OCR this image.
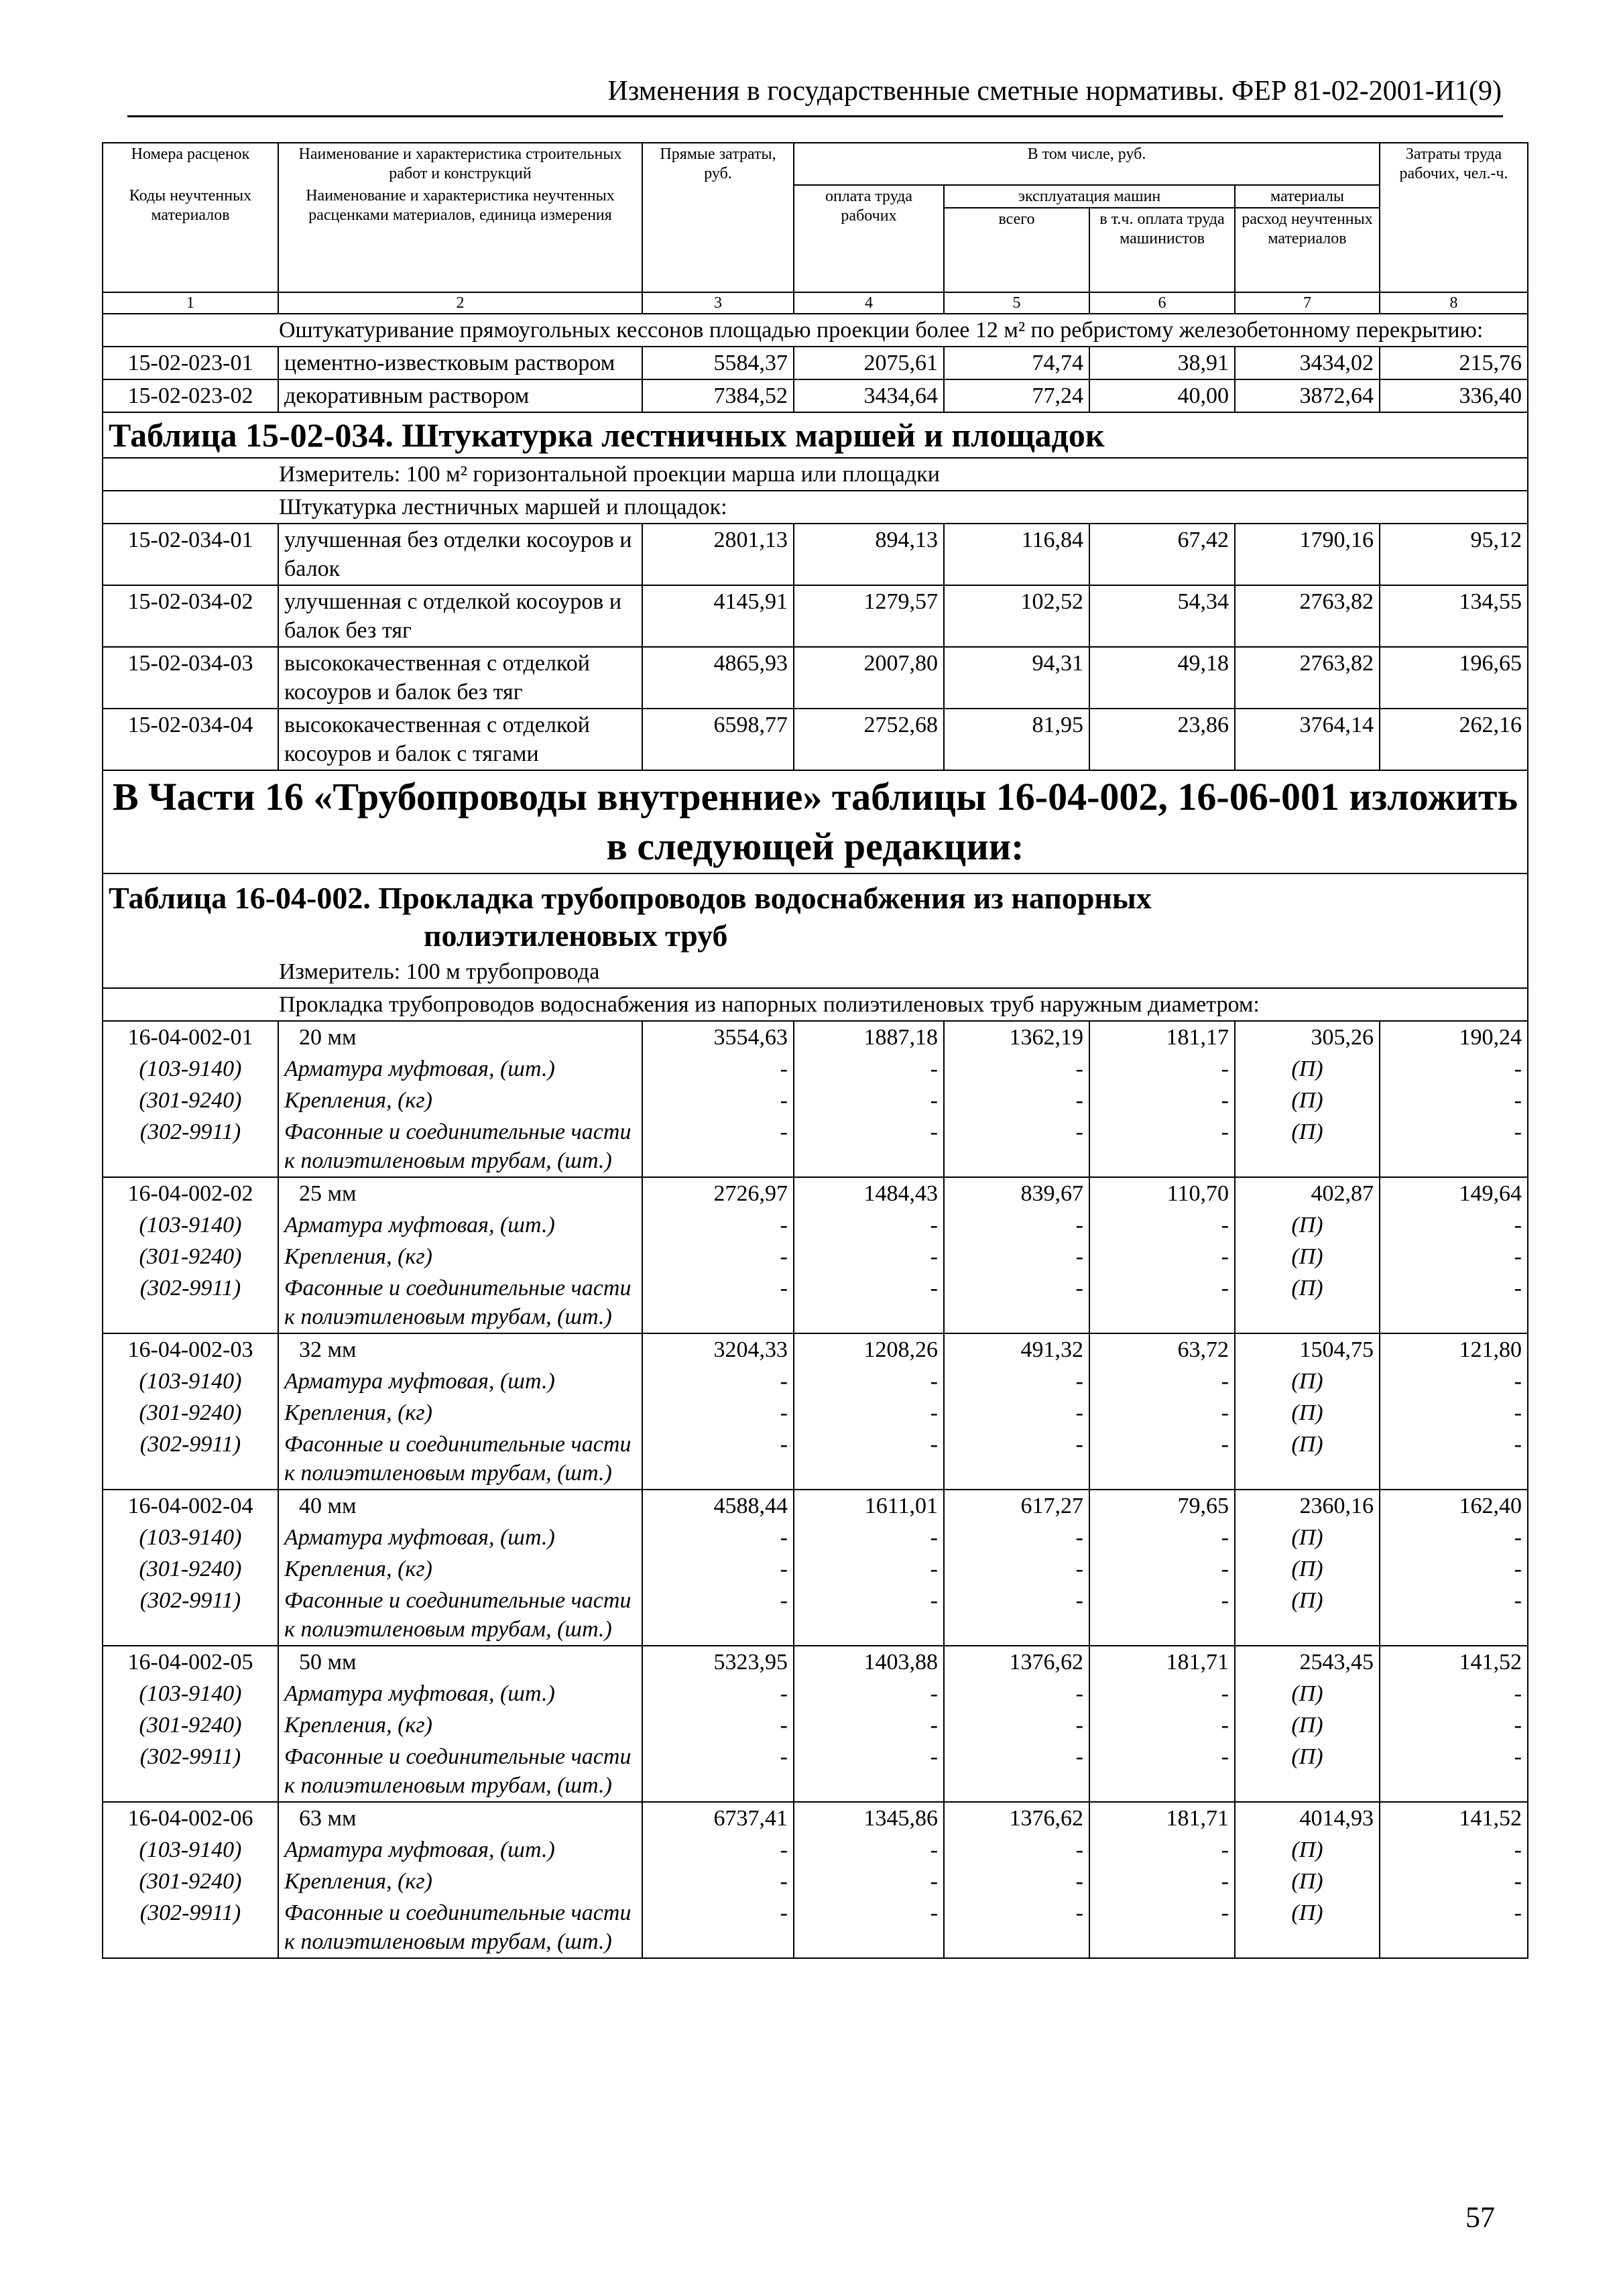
Изменения в государственные сметные нормативы. ФЕР 81-02-2001-И1(9)
Номера расценок	Наименование и характеристика строительных работ и конструкций	Прямые затраты, руб.	В том числе, руб.				Затраты труда рабочих, чел.-ч.
Коды неучтенных материалов	Наименование и характеристика неучтенных расценками материалов, единица измерения		оплата труда рабочих	эксплуатация машин		материалы	
				всего	в т.ч. оплата труда машинистов	расход неучтенных материалов	
1	2	3	4	5	6	7	8
Оштукатуривание прямоугольных кессонов площадью проекции более 12 м² по ребристому железобетонному перекрытию:							
15-02-023-01	цементно-известковым раствором	5584,37	2075,61	74,74	38,91	3434,02	215,76
15-02-023-02	декоративным раствором	7384,52	3434,64	77,24	40,00	3872,64	336,40
Таблица 15-02-034. Штукатурка лестничных маршей и площадок							
Измеритель: 100 м² горизонтальной проекции марша или площадки							
Штукатурка лестничных маршей и площадок:							
15-02-034-01	улучшенная без отделки косоуров и балок	2801,13	894,13	116,84	67,42	1790,16	95,12
15-02-034-02	улучшенная с отделкой косоуров и балок без тяг	4145,91	1279,57	102,52	54,34	2763,82	134,55
15-02-034-03	высококачественная с отделкой косоуров и балок без тяг	4865,93	2007,80	94,31	49,18	2763,82	196,65
15-02-034-04	высококачественная с отделкой косоуров и балок с тягами	6598,77	2752,68	81,95	23,86	3764,14	262,16
В Части 16 «Трубопроводы внутренние» таблицы 16-04-002, 16-06-001 изложить в следующей редакции:							

Таблица 16-04-002. Прокладка трубопроводов водоснабжения из напорных
полиэтиленовых труб							

Измеритель: 100 м трубопровода							
Прокладка трубопроводов водоснабжения из напорных полиэтиленовых труб наружным диаметром:							
16-04-002-01	20 мм	3554,63	1887,18	1362,19	181,17	305,26	190,24
(103-9140)	Арматура муфтовая, (шт.)	-	-	-	-	(П)	-
(301-9240)	Крепления, (кг)	-	-	-	-	(П)	-
(302-9911)	Фасонные и соединительные части к полиэтиленовым трубам, (шт.)	-	-	-	-	(П)	-
16-04-002-02	25 мм	2726,97	1484,43	839,67	110,70	402,87	149,64
(103-9140)	Арматура муфтовая, (шт.)	-	-	-	-	(П)	-
(301-9240)	Крепления, (кг)	-	-	-	-	(П)	-
(302-9911)	Фасонные и соединительные части к полиэтиленовым трубам, (шт.)	-	-	-	-	(П)	-
16-04-002-03	32 мм	3204,33	1208,26	491,32	63,72	1504,75	121,80
(103-9140)	Арматура муфтовая, (шт.)	-	-	-	-	(П)	-
(301-9240)	Крепления, (кг)	-	-	-	-	(П)	-
(302-9911)	Фасонные и соединительные части к полиэтиленовым трубам, (шт.)	-	-	-	-	(П)	-
16-04-002-04	40 мм	4588,44	1611,01	617,27	79,65	2360,16	162,40
(103-9140)	Арматура муфтовая, (шт.)	-	-	-	-	(П)	-
(301-9240)	Крепления, (кг)	-	-	-	-	(П)	-
(302-9911)	Фасонные и соединительные части к полиэтиленовым трубам, (шт.)	-	-	-	-	(П)	-
16-04-002-05	50 мм	5323,95	1403,88	1376,62	181,71	2543,45	141,52
(103-9140)	Арматура муфтовая, (шт.)	-	-	-	-	(П)	-
(301-9240)	Крепления, (кг)	-	-	-	-	(П)	-
(302-9911)	Фасонные и соединительные части к полиэтиленовым трубам, (шт.)	-	-	-	-	(П)	-
16-04-002-06	63 мм	6737,41	1345,86	1376,62	181,71	4014,93	141,52
(103-9140)	Арматура муфтовая, (шт.)	-	-	-	-	(П)	-
(301-9240)	Крепления, (кг)	-	-	-	-	(П)	-
(302-9911)	Фасонные и соединительные части к полиэтиленовым трубам, (шт.)	-	-	-	-	(П)	-
57
